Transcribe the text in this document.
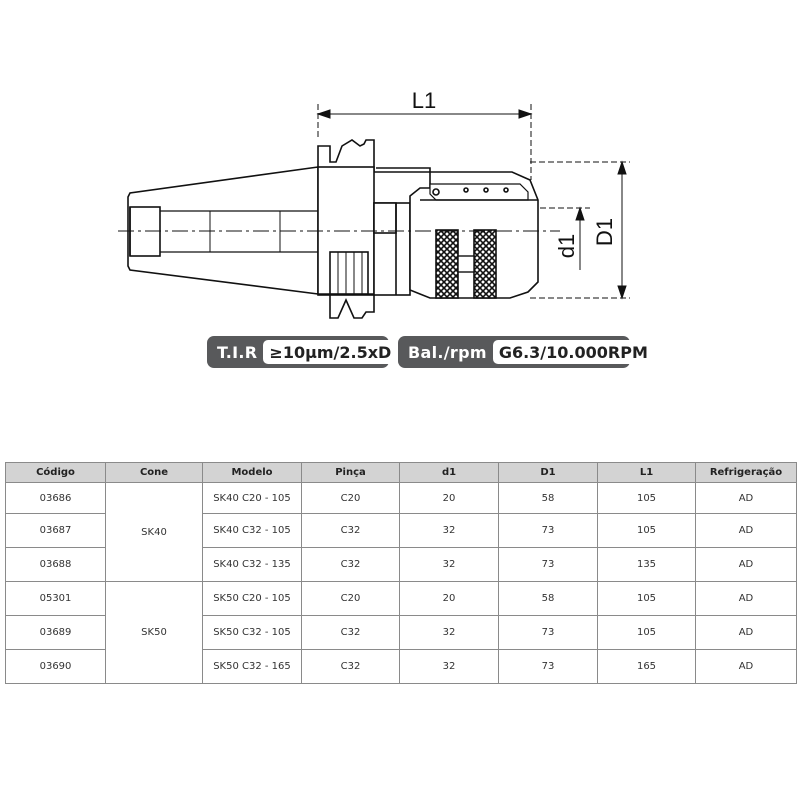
L1
D1
d1
T.I.R ≥10μm/2.5xD	Bal./rpm G6.3/10.000RPM
Código	Cone	Modelo	Pinça	d1	D1	L1	Refrigeração
03686	SK40	SK40 C20 - 105	C20	20	58	105	AD
03687		SK40 C32 - 105	C32	32	73	105	AD
03688		SK40 C32 - 135	C32	32	73	135	AD
05301	SK50	SK50 C20 - 105	C20	20	58	105	AD
03689		SK50 C32 - 105	C32	32	73	105	AD
03690		SK50 C32 - 165	C32	32	73	165	AD
